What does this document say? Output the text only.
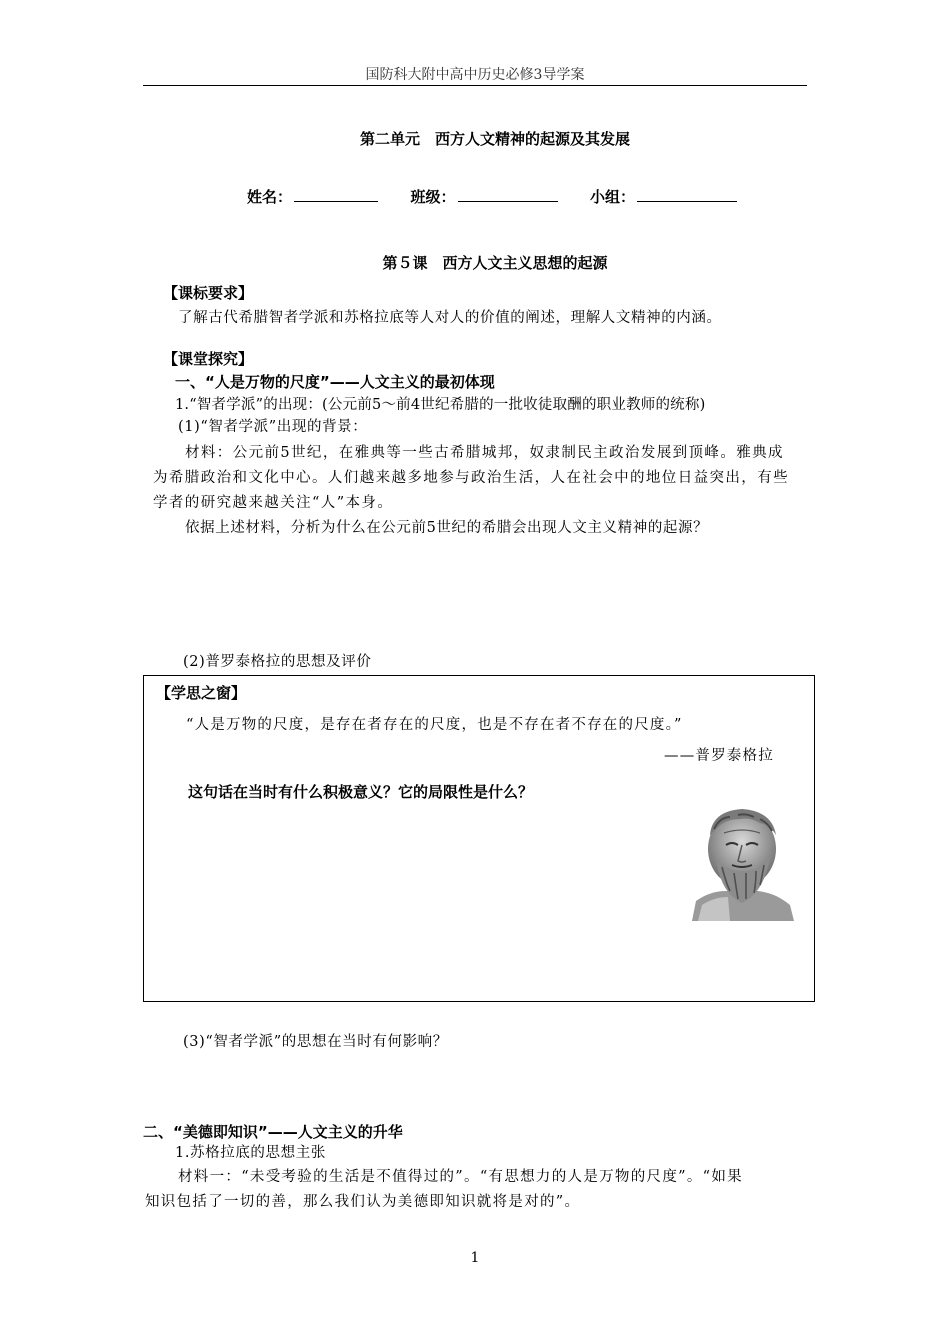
国防科大附中高中历史必修3导学案
第二单元　西方人文精神的起源及其发展
姓名：	班级：	小组：
第５课　西方人文主义思想的起源
【课标要求】
了解古代希腊智者学派和苏格拉底等人对人的价值的阐述，理解人文精神的内涵。
【课堂探究】
一、“人是万物的尺度”——人文主义的最初体现
1.“智者学派”的出现：(公元前5～前4世纪希腊的一批收徒取酬的职业教师的统称)
(1)“智者学派”出现的背景：
材料：公元前5世纪，在雅典等一些古希腊城邦，奴隶制民主政治发展到顶峰。雅典成
为希腊政治和文化中心。人们越来越多地参与政治生活，人在社会中的地位日益突出，有些
学者的研究越来越关注“人”本身。
依据上述材料，分析为什么在公元前5世纪的希腊会出现人文主义精神的起源？
(2)普罗泰格拉的思想及评价
【学思之窗】
“人是万物的尺度，是存在者存在的尺度，也是不存在者不存在的尺度。”
——普罗泰格拉
这句话在当时有什么积极意义？它的局限性是什么？
(3)“智者学派”的思想在当时有何影响？
二、“美德即知识”——人文主义的升华
1.苏格拉底的思想主张
材料一：“未受考验的生活是不值得过的”。“有思想力的人是万物的尺度”。“如果
知识包括了一切的善，那么我们认为美德即知识就将是对的”。
1
